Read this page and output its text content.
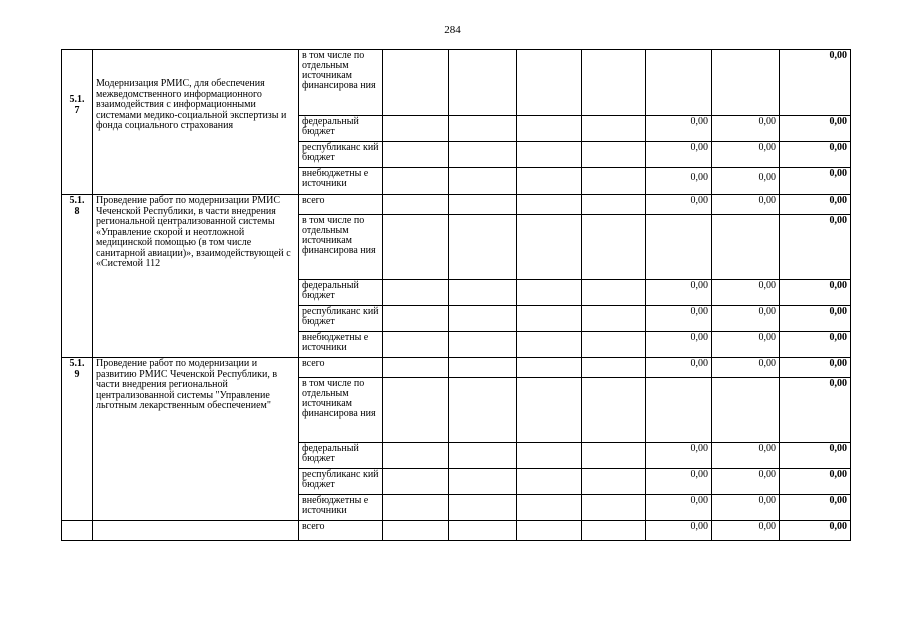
284
5.1.
7	Модернизация РМИС, для обеспечения межведомственного информационного взаимодействия с информационными системами медико-социальной экспертизы и фонда социального страхования	в том числе по отдельным источникам финансирова ния							0,00
		федеральный бюджет					0,00	0,00	0,00
		республиканс кий бюджет					0,00	0,00	0,00
		внебюджетны е источники					0,00	0,00	0,00
5.1.
8	Проведение работ по модернизации РМИС Чеченской Республики, в части внедрения региональной централизованной системы «Управление скорой и неотложной медицинской помощью (в том числе санитарной авиации)», взаимодействующей с «Системой 112	всего					0,00	0,00	0,00
		в том числе по отдельным источникам финансирова ния							0,00
		федеральный бюджет					0,00	0,00	0,00
		республиканс кий бюджет					0,00	0,00	0,00
		внебюджетны е источники					0,00	0,00	0,00
5.1.
9	Проведение работ по модернизации и развитию РМИС Чеченской Республики, в части внедрения региональной централизованной системы "Управление льготным лекарственным обеспечением"	всего					0,00	0,00	0,00
		в том числе по отдельным источникам финансирова ния							0,00
		федеральный бюджет					0,00	0,00	0,00
		республиканс кий бюджет					0,00	0,00	0,00
		внебюджетны е источники					0,00	0,00	0,00
		всего					0,00	0,00	0,00
